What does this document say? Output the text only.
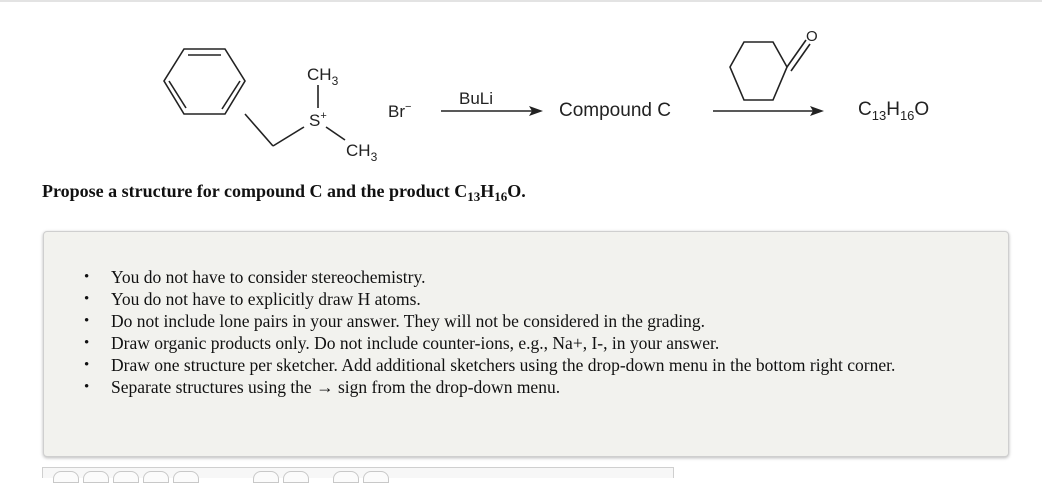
$CH_3$
S+
$CH_3$
Br−	BuLi
Compound C
O
$C_{13}H_{16}O$
Propose a structure for compound C and the product $C_{13}H_{16}O$.
• You do not have to consider stereochemistry.
• You do not have to explicitly draw H atoms.
• Do not include lone pairs in your answer. They will not be considered in the grading.
• Draw organic products only. Do not include counter-ions, e.g., Na+, I-, in your answer.
• Draw one structure per sketcher. Add additional sketchers using the drop-down menu in the bottom right corner.
• Separate structures using the → sign from the drop-down menu.
